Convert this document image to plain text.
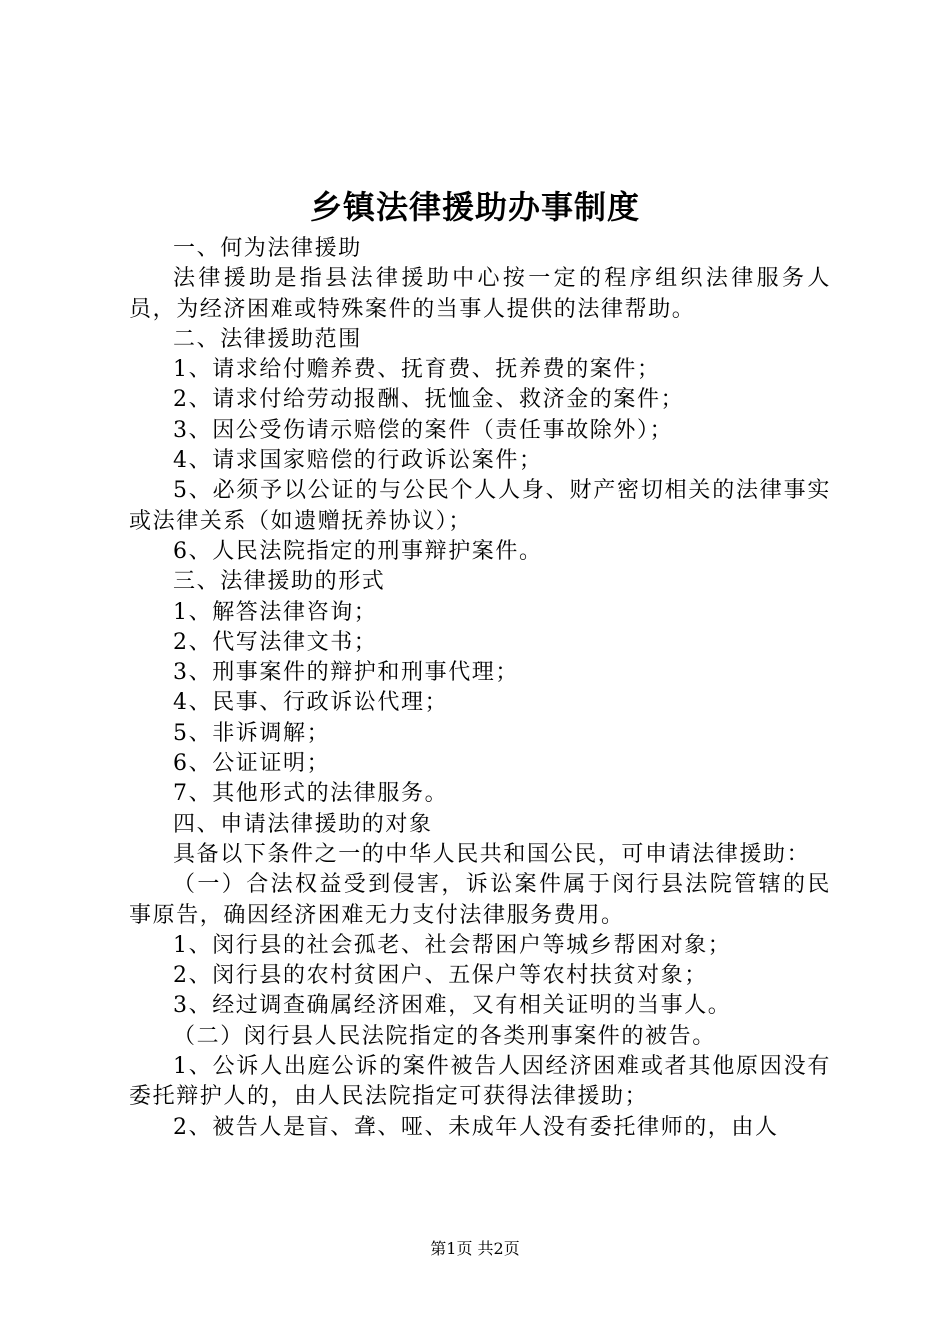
乡镇法律援助办事制度

一、何为法律援助

法律援助是指县法律援助中心按一定的程序组织法律服务人员，为经济困难或特殊案件的当事人提供的法律帮助。

二、法律援助范围

1、请求给付赡养费、抚育费、抚养费的案件；

2、请求付给劳动报酬、抚恤金、救济金的案件；

3、因公受伤请示赔偿的案件（责任事故除外）；

4、请求国家赔偿的行政诉讼案件；

5、必须予以公证的与公民个人人身、财产密切相关的法律事实或法律关系（如遗赠抚养协议）；

6、人民法院指定的刑事辩护案件。

三、法律援助的形式

1、解答法律咨询；

2、代写法律文书；

3、刑事案件的辩护和刑事代理；

4、民事、行政诉讼代理；

5、非诉调解；

6、公证证明；

7、其他形式的法律服务。

四、申请法律援助的对象

具备以下条件之一的中华人民共和国公民，可申请法律援助：

（一）合法权益受到侵害，诉讼案件属于闵行县法院管辖的民事原告，确因经济困难无力支付法律服务费用。

1、闵行县的社会孤老、社会帮困户等城乡帮困对象；

2、闵行县的农村贫困户、五保户等农村扶贫对象；

3、经过调查确属经济困难，又有相关证明的当事人。

（二）闵行县人民法院指定的各类刑事案件的被告。

1、公诉人出庭公诉的案件被告人因经济困难或者其他原因没有委托辩护人的，由人民法院指定可获得法律援助；

2、被告人是盲、聋、哑、未成年人没有委托律师的，由人

第1页 共2页
